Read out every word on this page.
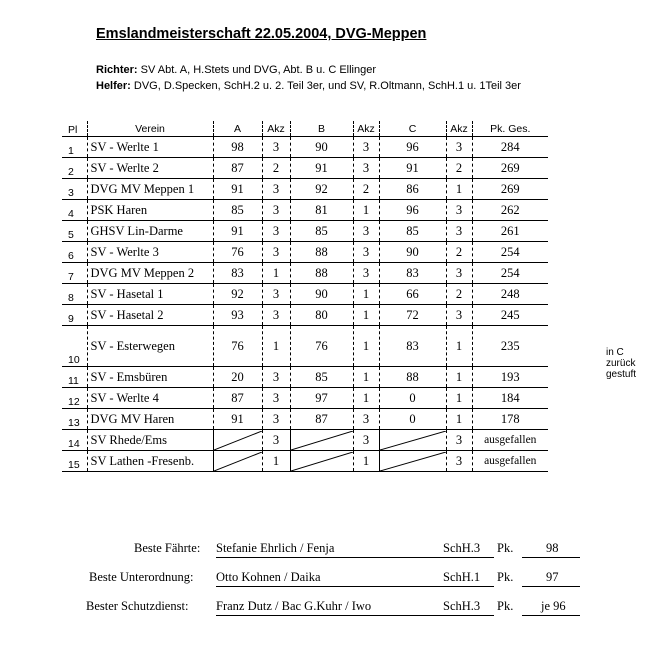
Emslandmeisterschaft 22.05.2004, DVG-Meppen
Richter: SV Abt. A, H.Stets und DVG, Abt. B u. C Ellinger
Helfer: DVG, D.Specken, SchH.2 u. 2. Teil 3er, und SV, R.Oltmann, SchH.1 u. 1Teil 3er
Pl	Verein	A	Akz	B	Akz	C	Akz	Pk. Ges.
1	SV - Werlte 1	98	3	90	3	96	3	284
2	SV - Werlte 2	87	2	91	3	91	2	269
3	DVG MV Meppen 1	91	3	92	2	86	1	269
4	PSK Haren	85	3	81	1	96	3	262
5	GHSV Lin-Darme	91	3	85	3	85	3	261
6	SV - Werlte 3	76	3	88	3	90	2	254
7	DVG MV Meppen 2	83	1	88	3	83	3	254
8	SV - Hasetal 1	92	3	90	1	66	2	248
9	SV - Hasetal 2	93	3	80	1	72	3	245
10	SV - Esterwegen	76	1	76	1	83	1	235
11	SV - Emsbüren	20	3	85	1	88	1	193
12	SV - Werlte 4	87	3	97	1	0	1	184
13	DVG MV Haren	91	3	87	3	0	1	178
14	SV Rhede/Ems		3		3		3	ausgefallen
15	SV Lathen -Fresenb.		1		1		3	ausgefallen
in C
zurück
gestuft
Beste Fährte: Stefanie Ehrlich / Fenja	SchH.3 Pk.	98
Beste Unterordnung: Otto Kohnen / Daika	SchH.1 Pk.	97
Bester Schutzdienst: Franz Dutz / Bac G.Kuhr / Iwo	SchH.3 Pk. je 96
